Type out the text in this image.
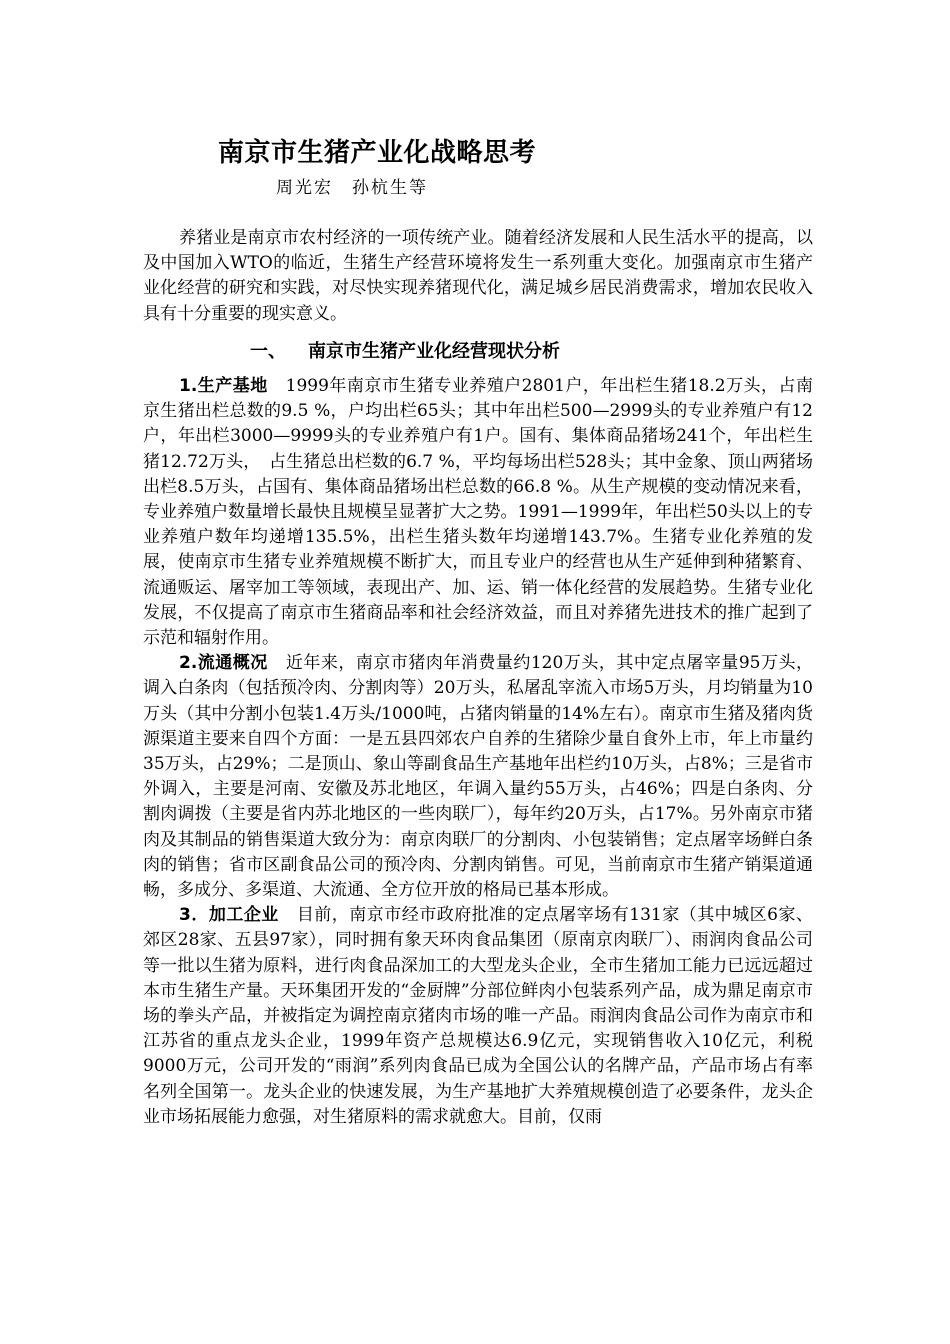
南京市生猪产业化战略思考
周光宏　孙杭生等
养猪业是南京市农村经济的一项传统产业。随着经济发展和人民生活水平的提高，以及中国加入WTO的临近，生猪生产经营环境将发生一系列重大变化。加强南京市生猪产业化经营的研究和实践，对尽快实现养猪现代化，满足城乡居民消费需求，增加农民收入具有十分重要的现实意义。
一、 南京市生猪产业化经营现状分析

1.生产基地 1999年南京市生猪专业养殖户2801户，年出栏生猪18.2万头，占南京生猪出栏总数的9.5 %，户均出栏65头；其中年出栏500—2999头的专业养殖户有12户，年出栏3000—9999头的专业养殖户有1户。国有、集体商品猪场241个，年出栏生猪12.72万头，　占生猪总出栏数的6.7 %，平均每场出栏528头；其中金象、顶山两猪场出栏8.5万头，占国有、集体商品猪场出栏总数的66.8 %。从生产规模的变动情况来看，专业养殖户数量增长最快且规模呈显著扩大之势。1991—1999年，年出栏50头以上的专业养殖户数年均递增135.5%，出栏生猪头数年均递增143.7%。生猪专业化养殖的发展，使南京市生猪专业养殖规模不断扩大，而且专业户的经营也从生产延伸到种猪繁育、流通贩运、屠宰加工等领域，表现出产、加、运、销一体化经营的发展趋势。生猪专业化发展，不仅提高了南京市生猪商品率和社会经济效益，而且对养猪先进技术的推广起到了示范和辐射作用。

2.流通概况 近年来，南京市猪肉年消费量约120万头，其中定点屠宰量95万头，调入白条肉（包括预冷肉、分割肉等）20万头，私屠乱宰流入市场5万头，月均销量为10万头（其中分割小包装1.4万头/1000吨，占猪肉销量的14%左右）。南京市生猪及猪肉货源渠道主要来自四个方面：一是五县四郊农户自养的生猪除少量自食外上市，年上市量约35万头，占29%；二是顶山、象山等副食品生产基地年出栏约10万头，占8%；三是省市外调入，主要是河南、安徽及苏北地区，年调入量约55万头，占46%；四是白条肉、分割肉调拨（主要是省内苏北地区的一些肉联厂），每年约20万头，占17%。另外南京市猪肉及其制品的销售渠道大致分为：南京肉联厂的分割肉、小包装销售；定点屠宰场鲜白条肉的销售；省市区副食品公司的预冷肉、分割肉销售。可见，当前南京市生猪产销渠道通畅，多成分、多渠道、大流通、全方位开放的格局已基本形成。

3．加工企业 目前，南京市经市政府批准的定点屠宰场有131家（其中城区6家、郊区28家、五县97家），同时拥有象天环肉食品集团（原南京肉联厂）、雨润肉食品公司等一批以生猪为原料，进行肉食品深加工的大型龙头企业，全市生猪加工能力已远远超过本市生猪生产量。天环集团开发的“金厨牌”分部位鲜肉小包装系列产品，成为鼎足南京市场的拳头产品，并被指定为调控南京猪肉市场的唯一产品。雨润肉食品公司作为南京市和江苏省的重点龙头企业，1999年资产总规模达6.9亿元，实现销售收入10亿元，利税9000万元，公司开发的“雨润”系列肉食品已成为全国公认的名牌产品，产品市场占有率名列全国第一。龙头企业的快速发展，为生产基地扩大养殖规模创造了必要条件，龙头企业市场拓展能力愈强，对生猪原料的需求就愈大。目前，仅雨
